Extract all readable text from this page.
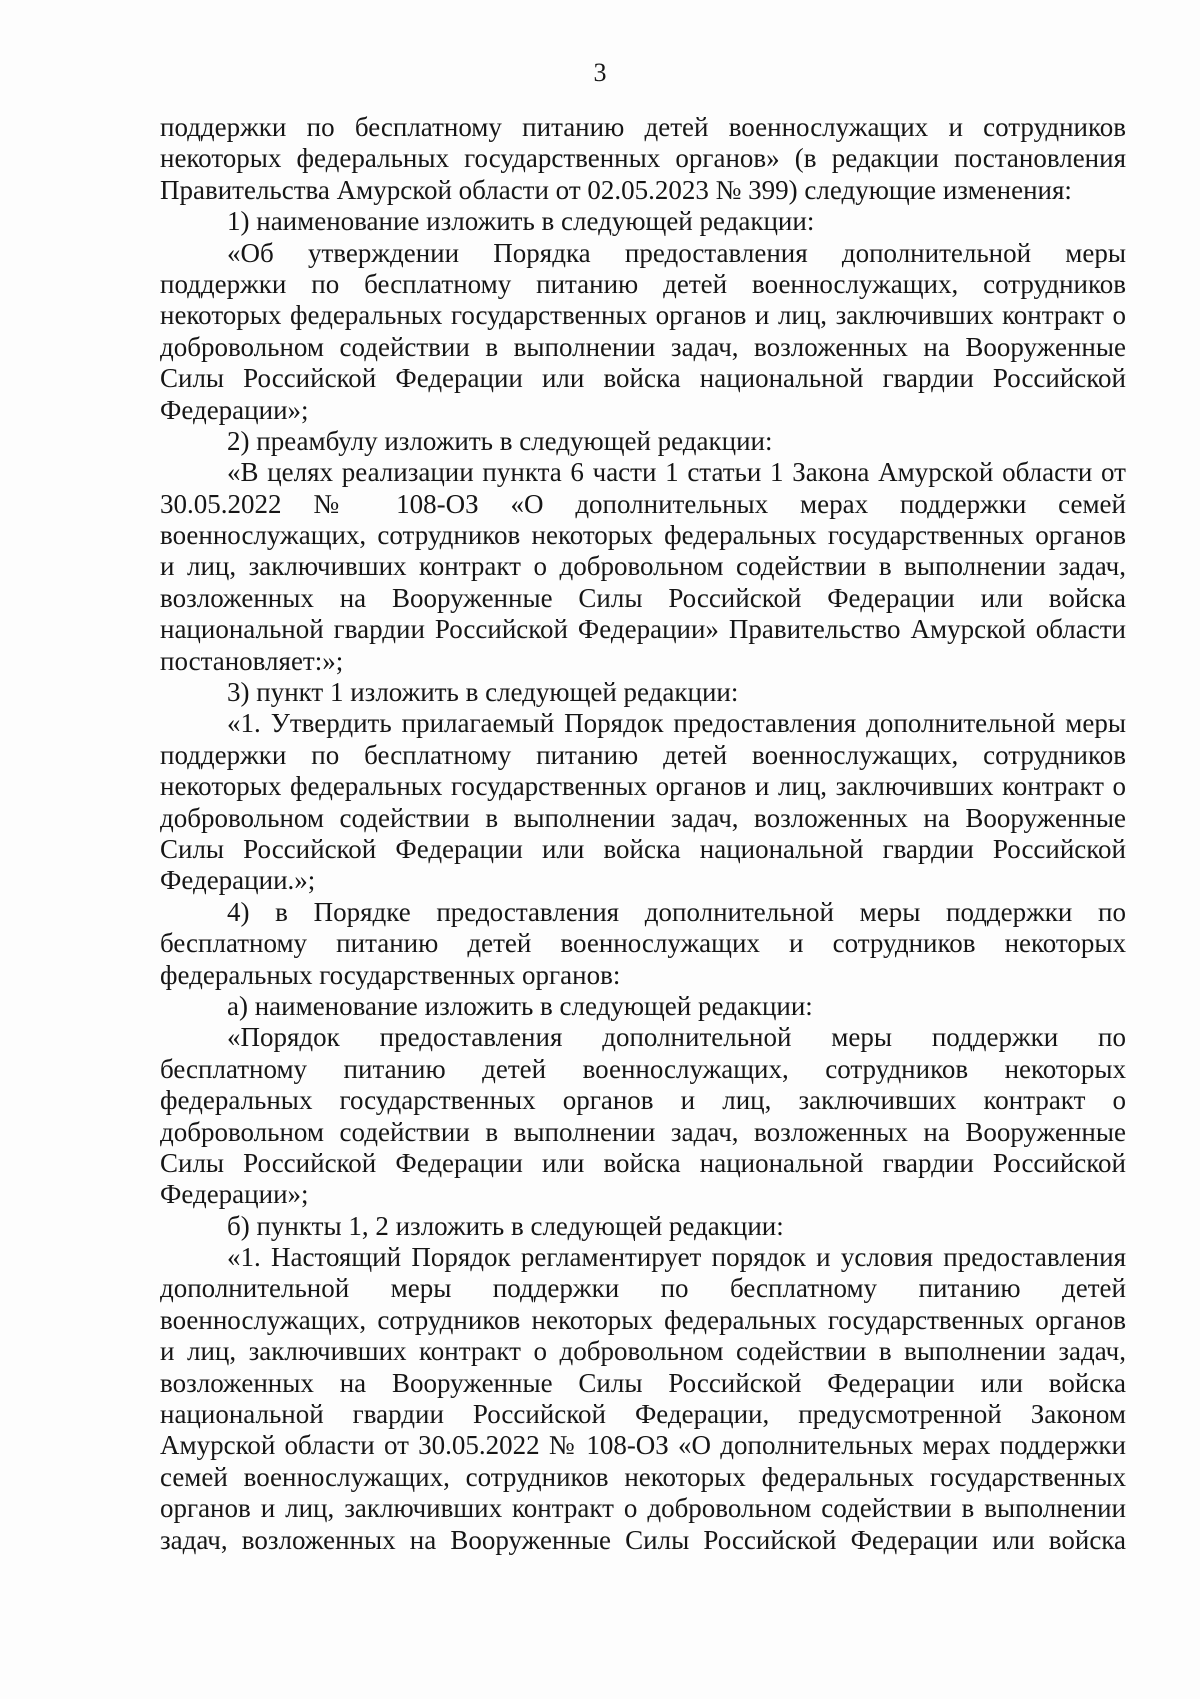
3
поддержки по бесплатному питанию детей военнослужащих и сотрудников
некоторых федеральных государственных органов» (в редакции постановления
Правительства Амурской области от 02.05.2023 № 399) следующие изменения:
1) наименование изложить в следующей редакции:
«Об утверждении Порядка предоставления дополнительной меры
поддержки по бесплатному питанию детей военнослужащих, сотрудников
некоторых федеральных государственных органов и лиц, заключивших контракт о
добровольном содействии в выполнении задач, возложенных на Вооруженные
Силы Российской Федерации или войска национальной гвардии Российской
Федерации»;
2) преамбулу изложить в следующей редакции:
«В целях реализации пункта 6 части 1 статьи 1 Закона Амурской области от
30.05.2022 № 108-ОЗ «О дополнительных мерах поддержки семей
военнослужащих, сотрудников некоторых федеральных государственных органов
и лиц, заключивших контракт о добровольном содействии в выполнении задач,
возложенных на Вооруженные Силы Российской Федерации или войска
национальной гвардии Российской Федерации» Правительство Амурской области
постановляет:»;
3) пункт 1 изложить в следующей редакции:
«1. Утвердить прилагаемый Порядок предоставления дополнительной меры
поддержки по бесплатному питанию детей военнослужащих, сотрудников
некоторых федеральных государственных органов и лиц, заключивших контракт о
добровольном содействии в выполнении задач, возложенных на Вооруженные
Силы Российской Федерации или войска национальной гвардии Российской
Федерации.»;
4) в Порядке предоставления дополнительной меры поддержки по
бесплатному питанию детей военнослужащих и сотрудников некоторых
федеральных государственных органов:
а) наименование изложить в следующей редакции:
«Порядок предоставления дополнительной меры поддержки по
бесплатному питанию детей военнослужащих, сотрудников некоторых
федеральных государственных органов и лиц, заключивших контракт о
добровольном содействии в выполнении задач, возложенных на Вооруженные
Силы Российской Федерации или войска национальной гвардии Российской
Федерации»;
б) пункты 1, 2 изложить в следующей редакции:
«1. Настоящий Порядок регламентирует порядок и условия предоставления
дополнительной меры поддержки по бесплатному питанию детей
военнослужащих, сотрудников некоторых федеральных государственных органов
и лиц, заключивших контракт о добровольном содействии в выполнении задач,
возложенных на Вооруженные Силы Российской Федерации или войска
национальной гвардии Российской Федерации, предусмотренной Законом
Амурской области от 30.05.2022 № 108-ОЗ «О дополнительных мерах поддержки
семей военнослужащих, сотрудников некоторых федеральных государственных
органов и лиц, заключивших контракт о добровольном содействии в выполнении
задач, возложенных на Вооруженные Силы Российской Федерации или войска
